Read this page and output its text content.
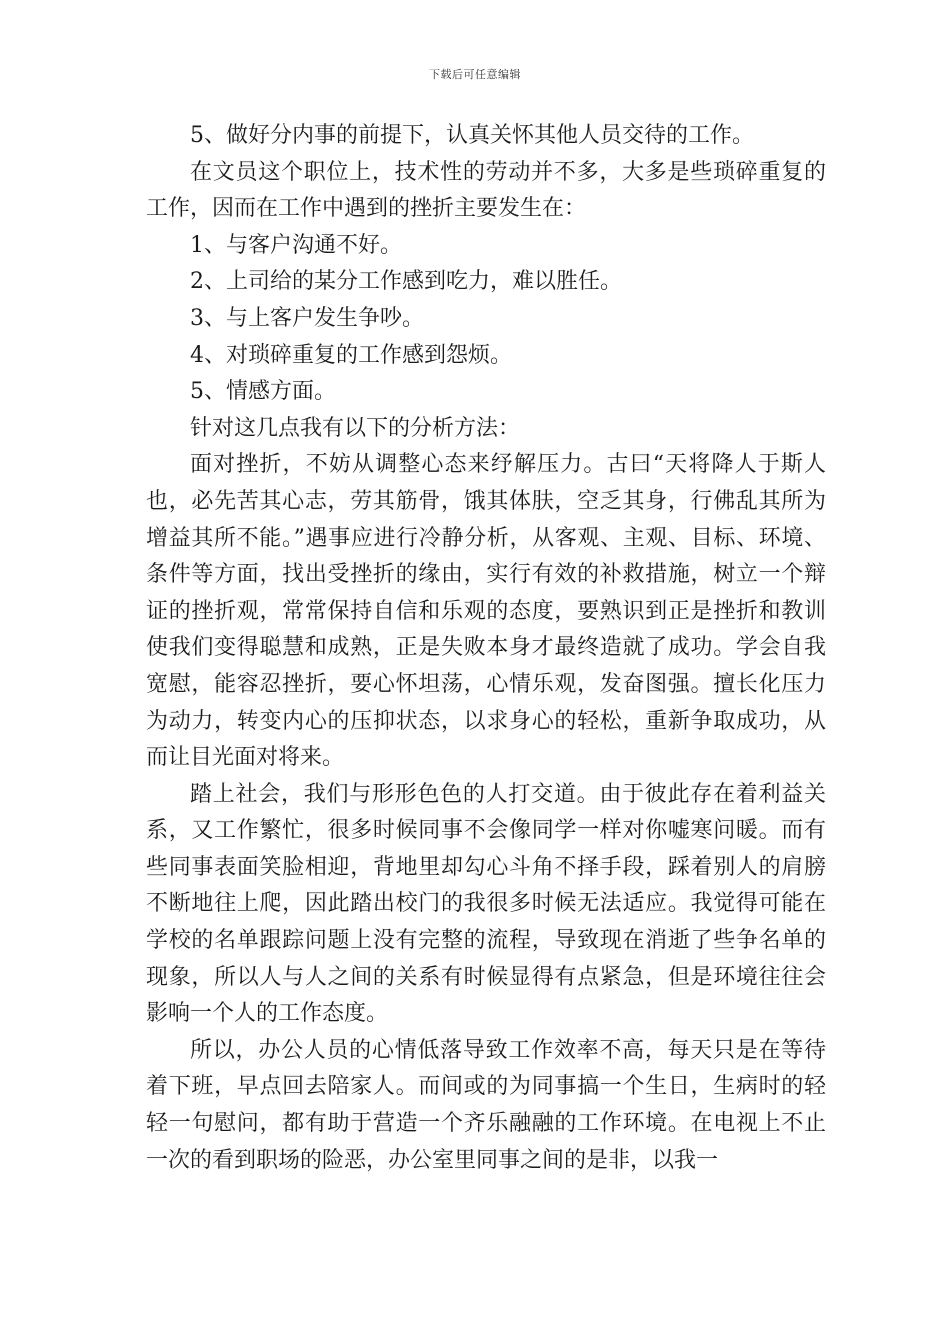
下载后可任意编辑

5、做好分内事的前提下，认真关怀其他人员交待的工作。

在文员这个职位上，技术性的劳动并不多，大多是些琐碎重复的工作，因而在工作中遇到的挫折主要发生在：

1、与客户沟通不好。

2、上司给的某分工作感到吃力，难以胜任。

3、与上客户发生争吵。

4、对琐碎重复的工作感到怨烦。

5、情感方面。

针对这几点我有以下的分析方法：

面对挫折，不妨从调整心态来纾解压力。古曰“天将降人于斯人也，必先苦其心志，劳其筋骨，饿其体肤，空乏其身，行佛乱其所为增益其所不能。”遇事应进行冷静分析，从客观、主观、目标、环境、条件等方面，找出受挫折的缘由，实行有效的补救措施，树立一个辩证的挫折观，常常保持自信和乐观的态度，要熟识到正是挫折和教训使我们变得聪慧和成熟，正是失败本身才最终造就了成功。学会自我宽慰，能容忍挫折，要心怀坦荡，心情乐观，发奋图强。擅长化压力为动力，转变内心的压抑状态，以求身心的轻松，重新争取成功，从而让目光面对将来。

踏上社会，我们与形形色色的人打交道。由于彼此存在着利益关系，又工作繁忙，很多时候同事不会像同学一样对你嘘寒问暖。而有些同事表面笑脸相迎，背地里却勾心斗角不择手段，踩着别人的肩膀不断地往上爬，因此踏出校门的我很多时候无法适应。我觉得可能在学校的名单跟踪问题上没有完整的流程，导致现在消逝了些争名单的现象，所以人与人之间的关系有时候显得有点紧急，但是环境往往会影响一个人的工作态度。

所以，办公人员的心情低落导致工作效率不高，每天只是在等待着下班，早点回去陪家人。而间或的为同事搞一个生日，生病时的轻轻一句慰问，都有助于营造一个齐乐融融的工作环境。在电视上不止一次的看到职场的险恶，办公室里同事之间的是非，以我一
